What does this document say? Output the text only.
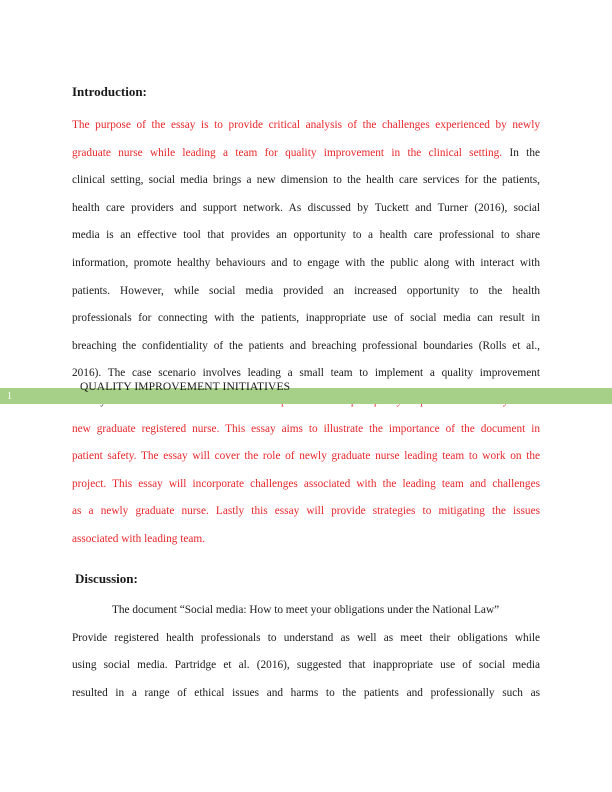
Introduction:
The purpose of the essay is to provide critical analysis of the challenges experienced by newly
graduate nurse while leading a team for quality improvement in the clinical setting. In the
clinical setting, social media brings a new dimension to the health care services for the patients,
health care providers and support network. As discussed by Tuckett and Turner (2016), social
media is an effective tool that provides an opportunity to a health care professional to share
information, promote healthy behaviours and to engage with the public along with interact with
patients. However, while social media provided an increased opportunity to the health
professionals for connecting with the patients, inappropriate use of social media can result in
breaching the confidentiality of the patients and breaching professional boundaries (Rolls et al.,
2016). The case scenario involves leading a small team to implement a quality improvement
new graduate registered nurse. This essay aims to illustrate the importance of the document in
patient safety. The essay will cover the role of newly graduate nurse leading team to work on the
project. This essay will incorporate challenges associated with the leading team and challenges
as a newly graduate nurse. Lastly this essay will provide strategies to mitigating the issues
associated with leading team.
1
QUALITY IMPROVEMENT INITIATIVES
Discussion:
The document “Social media: How to meet your obligations under the National Law”
Provide registered health professionals to understand as well as meet their obligations while
using social media. Partridge et al. (2016), suggested that inappropriate use of social media
resulted in a range of ethical issues and harms to the patients and professionally such as
